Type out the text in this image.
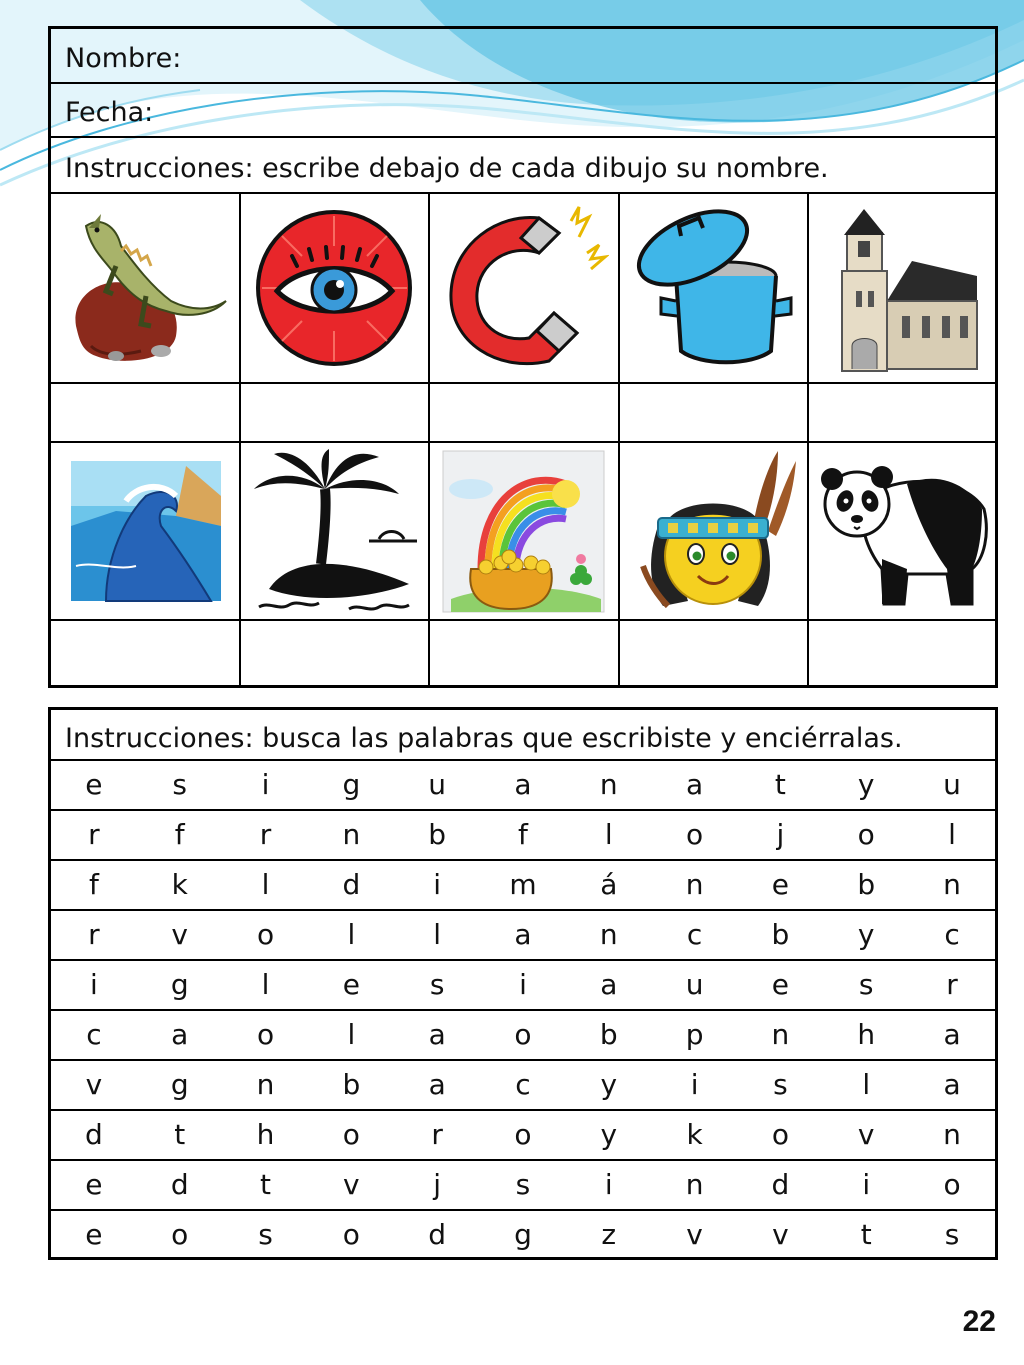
Nombre:
Fecha:
Instrucciones: escribe debajo de cada dibujo su nombre.
Instrucciones: busca las palabras que escribiste y enciérralas.
e	s	i	g	u	a	n	a	t	y	u
r	f	r	n	b	f	l	o	j	o	l
f	k	l	d	i	m	á	n	e	b	n
r	v	o	l	l	a	n	c	b	y	c
i	g	l	e	s	i	a	u	e	s	r
c	a	o	l	a	o	b	p	n	h	a
v	g	n	b	a	c	y	i	s	l	a
d	t	h	o	r	o	y	k	o	v	n
e	d	t	v	j	s	i	n	d	i	o
e	o	s	o	d	g	z	v	v	t	s
22
